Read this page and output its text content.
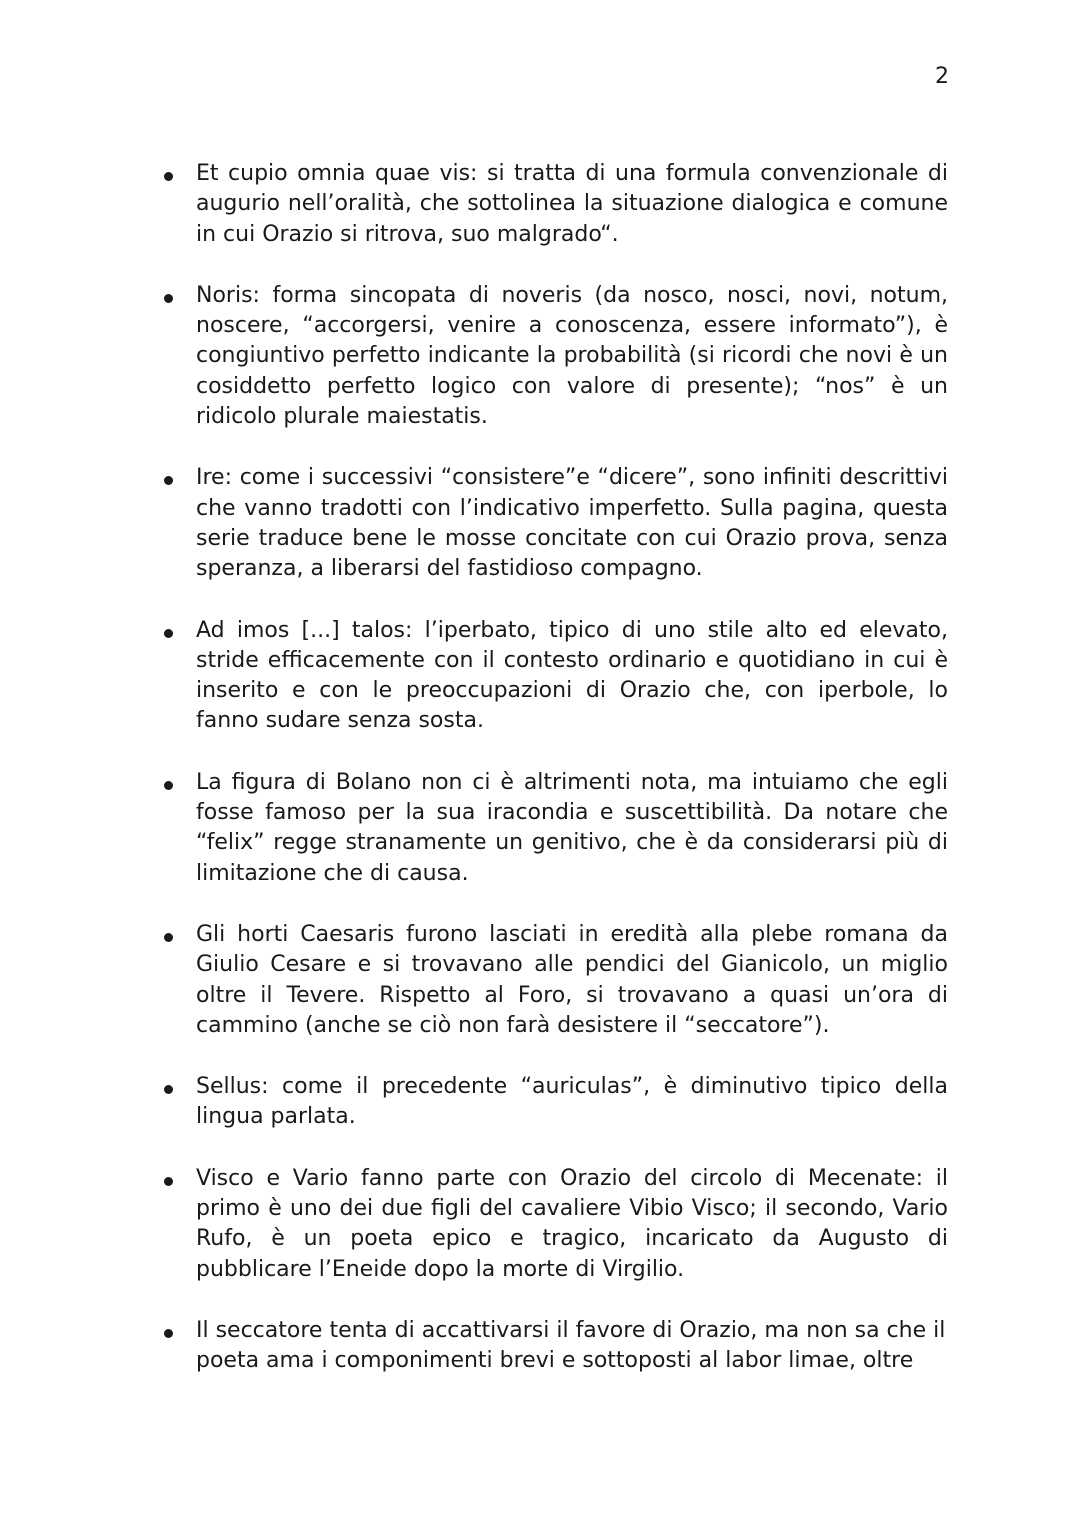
2
Et cupio omnia quae vis: si tratta di una formula convenzionale di augurio nell’oralità, che sottolinea la situazione dialogica e comune in cui Orazio si ritrova, suo malgrado“.
Noris: forma sincopata di noveris (da nosco, nosci, novi, notum, noscere, “accorgersi, venire a conoscenza, essere informato”), è congiuntivo perfetto indicante la probabilità (si ricordi che novi è un cosiddetto perfetto logico con valore di presente); “nos” è un ridicolo plurale maiestatis.
Ire: come i successivi “consistere”e “dicere”, sono infiniti descrittivi che vanno tradotti con l’indicativo imperfetto. Sulla pagina, questa serie traduce bene le mosse concitate con cui Orazio prova, senza speranza, a liberarsi del fastidioso compagno.
Ad imos [...] talos: l’iperbato, tipico di uno stile alto ed elevato, stride efficacemente con il contesto ordinario e quotidiano in cui è inserito e con le preoccupazioni di Orazio che, con iperbole, lo fanno sudare senza sosta.
La figura di Bolano non ci è altrimenti nota, ma intuiamo che egli fosse famoso per la sua iracondia e suscettibilità. Da notare che “felix” regge stranamente un genitivo, che è da considerarsi più di limitazione che di causa.
Gli horti Caesaris furono lasciati in eredità alla plebe romana da Giulio Cesare e si trovavano alle pendici del Gianicolo, un miglio oltre il Tevere. Rispetto al Foro, si trovavano a quasi un’ora di cammino (anche se ciò non farà desistere il “seccatore”).
Sellus: come il precedente “auriculas”, è diminutivo tipico della lingua parlata.
Visco e Vario fanno parte con Orazio del circolo di Mecenate: il primo è uno dei due figli del cavaliere Vibio Visco; il secondo, Vario Rufo, è un poeta epico e tragico, incaricato da Augusto di pubblicare l’Eneide dopo la morte di Virgilio.
Il seccatore tenta di accattivarsi il favore di Orazio, ma non sa che il poeta ama i componimenti brevi e sottoposti al labor limae, oltre
